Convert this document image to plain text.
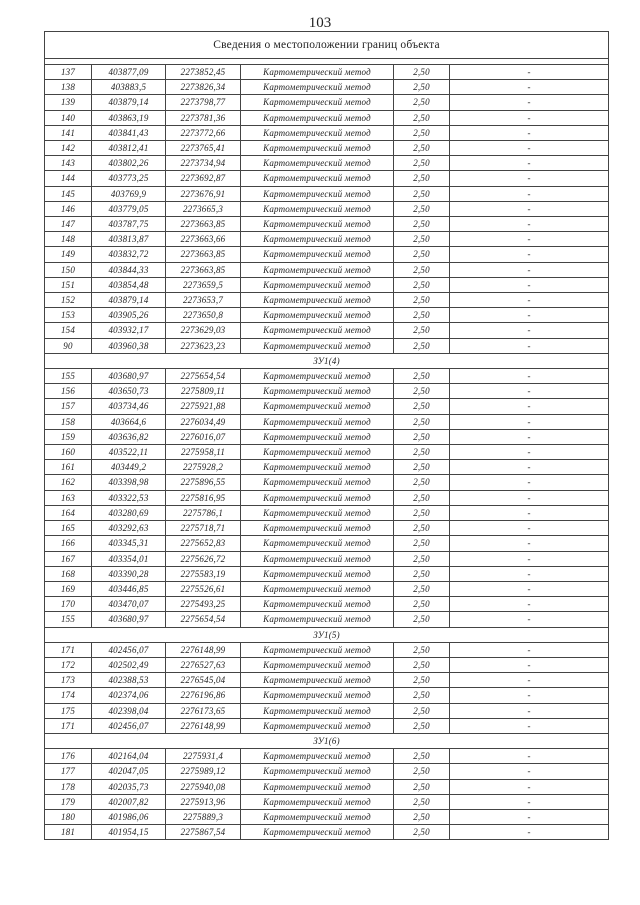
103
Сведения о местоположении границ объекта					

137	403877,09	2273852,45	Картометрический метод	2,50	-
138	403883,5	2273826,34	Картометрический метод	2,50	-
139	403879,14	2273798,77	Картометрический метод	2,50	-
140	403863,19	2273781,36	Картометрический метод	2,50	-
141	403841,43	2273772,66	Картометрический метод	2,50	-
142	403812,41	2273765,41	Картометрический метод	2,50	-
143	403802,26	2273734,94	Картометрический метод	2,50	-
144	403773,25	2273692,87	Картометрический метод	2,50	-
145	403769,9	2273676,91	Картометрический метод	2,50	-
146	403779,05	2273665,3	Картометрический метод	2,50	-
147	403787,75	2273663,85	Картометрический метод	2,50	-
148	403813,87	2273663,66	Картометрический метод	2,50	-
149	403832,72	2273663,85	Картометрический метод	2,50	-
150	403844,33	2273663,85	Картометрический метод	2,50	-
151	403854,48	2273659,5	Картометрический метод	2,50	-
152	403879,14	2273653,7	Картометрический метод	2,50	-
153	403905,26	2273650,8	Картометрический метод	2,50	-
154	403932,17	2273629,03	Картометрический метод	2,50	-
90	403960,38	2273623,23	Картометрический метод	2,50	-
ЗУ1(4)					
155	403680,97	2275654,54	Картометрический метод	2,50	-
156	403650,73	2275809,11	Картометрический метод	2,50	-
157	403734,46	2275921,88	Картометрический метод	2,50	-
158	403664,6	2276034,49	Картометрический метод	2,50	-
159	403636,82	2276016,07	Картометрический метод	2,50	-
160	403522,11	2275958,11	Картометрический метод	2,50	-
161	403449,2	2275928,2	Картометрический метод	2,50	-
162	403398,98	2275896,55	Картометрический метод	2,50	-
163	403322,53	2275816,95	Картометрический метод	2,50	-
164	403280,69	2275786,1	Картометрический метод	2,50	-
165	403292,63	2275718,71	Картометрический метод	2,50	-
166	403345,31	2275652,83	Картометрический метод	2,50	-
167	403354,01	2275626,72	Картометрический метод	2,50	-
168	403390,28	2275583,19	Картометрический метод	2,50	-
169	403446,85	2275526,61	Картометрический метод	2,50	-
170	403470,07	2275493,25	Картометрический метод	2,50	-
155	403680,97	2275654,54	Картометрический метод	2,50	-
ЗУ1(5)					
171	402456,07	2276148,99	Картометрический метод	2,50	-
172	402502,49	2276527,63	Картометрический метод	2,50	-
173	402388,53	2276545,04	Картометрический метод	2,50	-
174	402374,06	2276196,86	Картометрический метод	2,50	-
175	402398,04	2276173,65	Картометрический метод	2,50	-
171	402456,07	2276148,99	Картометрический метод	2,50	-
ЗУ1(6)					
176	402164,04	2275931,4	Картометрический метод	2,50	-
177	402047,05	2275989,12	Картометрический метод	2,50	-
178	402035,73	2275940,08	Картометрический метод	2,50	-
179	402007,82	2275913,96	Картометрический метод	2,50	-
180	401986,06	2275889,3	Картометрический метод	2,50	-
181	401954,15	2275867,54	Картометрический метод	2,50	-
